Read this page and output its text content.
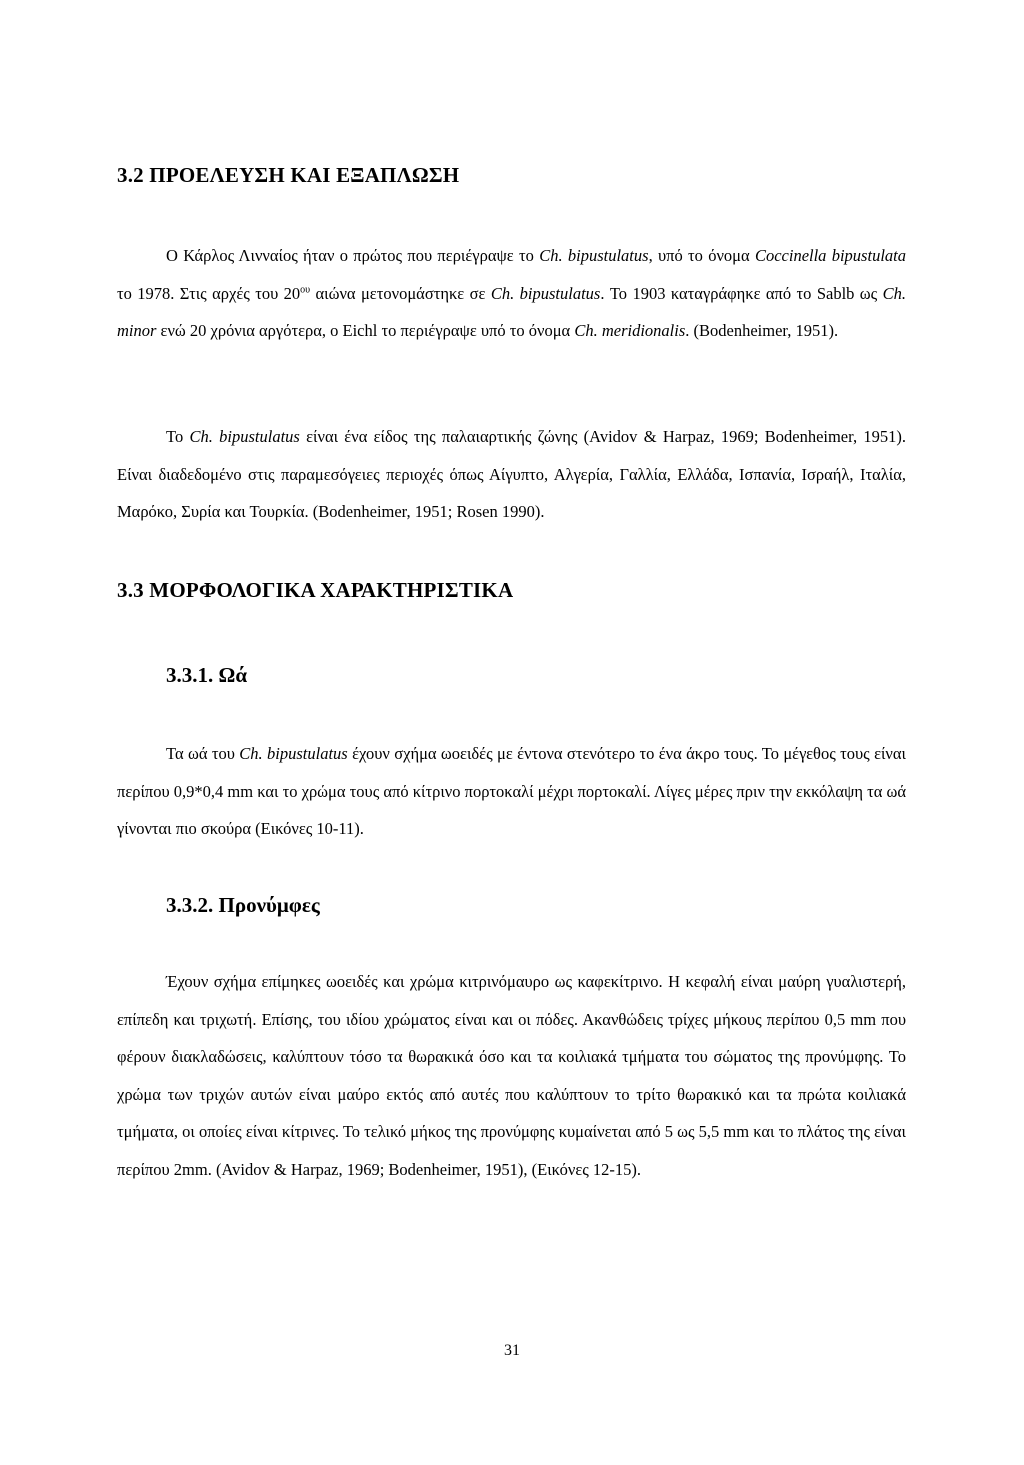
3.2 ΠΡΟΕΛΕΥΣΗ ΚΑΙ ΕΞΑΠΛΩΣΗ

Ο Κάρλος Λινναίος ήταν ο πρώτος που περιέγραψε το Ch. bipustulatus, υπό το όνομα Coccinella bipustulata το 1978. Στις αρχές του $20^{o\upsilon}$ αιώνα μετονομάστηκε σε Ch. bipustulatus. Το 1903 καταγράφηκε από το Sablb ως Ch. minor ενώ 20 χρόνια αργότερα, ο Eichl το περιέγραψε υπό το όνομα Ch. meridionalis. (Bodenheimer, 1951).

Το Ch. bipustulatus είναι ένα είδος της παλαιαρτικής ζώνης (Avidov & Harpaz, 1969; Bodenheimer, 1951). Είναι διαδεδομένο στις παραμεσόγειες περιοχές όπως Αίγυπτο, Αλγερία, Γαλλία, Ελλάδα, Ισπανία, Ισραήλ, Ιταλία, Μαρόκο, Συρία και Τουρκία. (Bodenheimer, 1951; Rosen 1990).

3.3 ΜΟΡΦΟΛΟΓΙΚΑ ΧΑΡΑΚΤΗΡΙΣΤΙΚΑ
3.3.1. Ωά

Τα ωά του Ch. bipustulatus έχουν σχήμα ωοειδές με έντονα στενότερο το ένα άκρο τους. Το μέγεθος τους είναι περίπου 0,9*0,4 mm και το χρώμα τους από κίτρινο πορτοκαλί μέχρι πορτοκαλί. Λίγες μέρες πριν την εκκόλαψη τα ωά γίνονται πιο σκούρα (Εικόνες 10-11).

3.3.2. Προνύμφες

Έχουν σχήμα επίμηκες ωοειδές και χρώμα κιτρινόμαυρο ως καφεκίτρινο. Η κεφαλή είναι μαύρη γυαλιστερή, επίπεδη και τριχωτή. Επίσης, του ιδίου χρώματος είναι και οι πόδες. Ακανθώδεις τρίχες μήκους περίπου 0,5 mm που φέρουν διακλαδώσεις, καλύπτουν τόσο τα θωρακικά όσο και τα κοιλιακά τμήματα του σώματος της προνύμφης. Το χρώμα των τριχών αυτών είναι μαύρο εκτός από αυτές που καλύπτουν το τρίτο θωρακικό και τα πρώτα κοιλιακά τμήματα, οι οποίες είναι κίτρινες. Το τελικό μήκος της προνύμφης κυμαίνεται από 5 ως 5,5 mm και το πλάτος της είναι περίπου 2mm. (Avidov & Harpaz, 1969; Bodenheimer, 1951), (Εικόνες 12-15).

31
